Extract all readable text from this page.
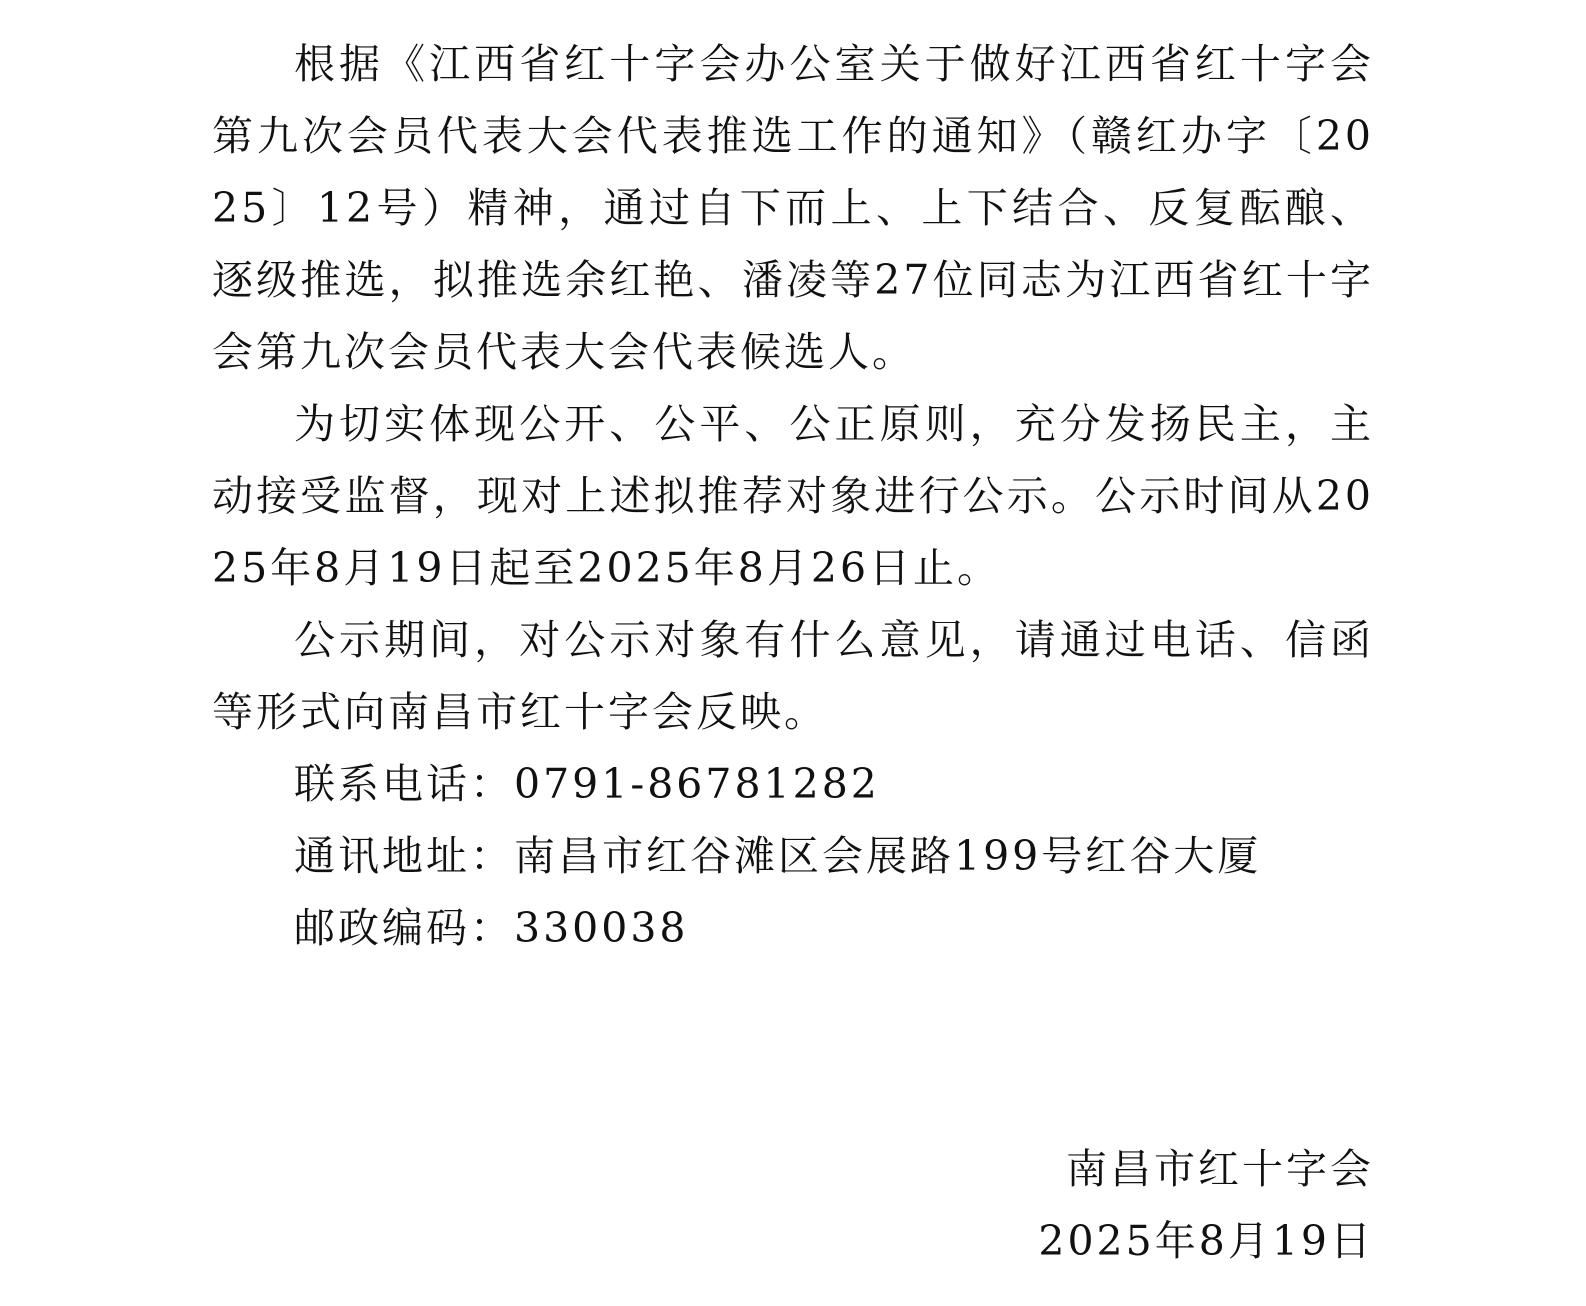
根据《江西省红十字会办公室关于做好江西省红十字会第九次会员代表大会代表推选工作的通知》（赣红办字〔2025〕12号）精神，通过自下而上、上下结合、反复酝酿、逐级推选，拟推选余红艳、潘凌等27位同志为江西省红十字会第九次会员代表大会代表候选人。

为切实体现公开、公平、公正原则，充分发扬民主，主动接受监督，现对上述拟推荐对象进行公示。公示时间从2025年8月19日起至2025年8月26日止。

公示期间，对公示对象有什么意见，请通过电话、信函等形式向南昌市红十字会反映。

联系电话：0791-86781282

通讯地址：南昌市红谷滩区会展路199号红谷大厦

邮政编码：330038

南昌市红十字会
2025年8月19日
